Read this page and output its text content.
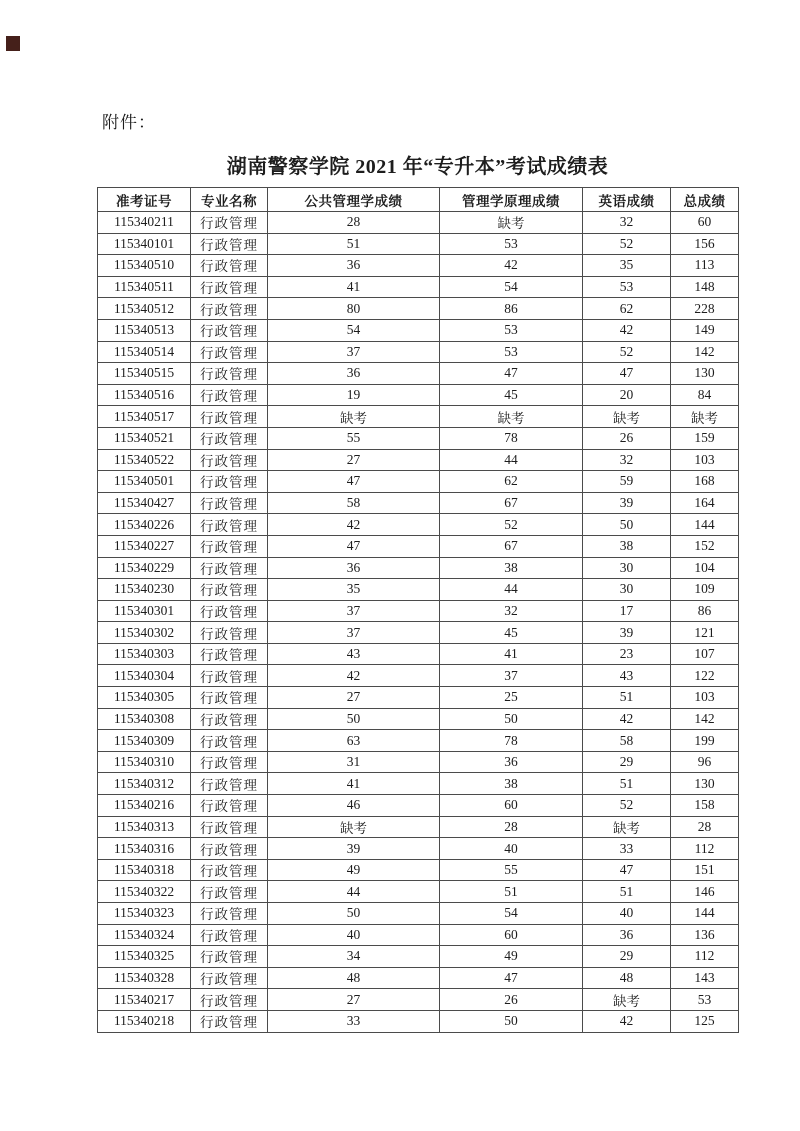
附件：
湖南警察学院 2021 年“专升本”考试成绩表
准考证号	专业名称	公共管理学成绩	管理学原理成绩	英语成绩	总成绩
115340211	行政管理	28	缺考	32	60
115340101	行政管理	51	53	52	156
115340510	行政管理	36	42	35	113
115340511	行政管理	41	54	53	148
115340512	行政管理	80	86	62	228
115340513	行政管理	54	53	42	149
115340514	行政管理	37	53	52	142
115340515	行政管理	36	47	47	130
115340516	行政管理	19	45	20	84
115340517	行政管理	缺考	缺考	缺考	缺考
115340521	行政管理	55	78	26	159
115340522	行政管理	27	44	32	103
115340501	行政管理	47	62	59	168
115340427	行政管理	58	67	39	164
115340226	行政管理	42	52	50	144
115340227	行政管理	47	67	38	152
115340229	行政管理	36	38	30	104
115340230	行政管理	35	44	30	109
115340301	行政管理	37	32	17	86
115340302	行政管理	37	45	39	121
115340303	行政管理	43	41	23	107
115340304	行政管理	42	37	43	122
115340305	行政管理	27	25	51	103
115340308	行政管理	50	50	42	142
115340309	行政管理	63	78	58	199
115340310	行政管理	31	36	29	96
115340312	行政管理	41	38	51	130
115340216	行政管理	46	60	52	158
115340313	行政管理	缺考	28	缺考	28
115340316	行政管理	39	40	33	112
115340318	行政管理	49	55	47	151
115340322	行政管理	44	51	51	146
115340323	行政管理	50	54	40	144
115340324	行政管理	40	60	36	136
115340325	行政管理	34	49	29	112
115340328	行政管理	48	47	48	143
115340217	行政管理	27	26	缺考	53
115340218	行政管理	33	50	42	125
